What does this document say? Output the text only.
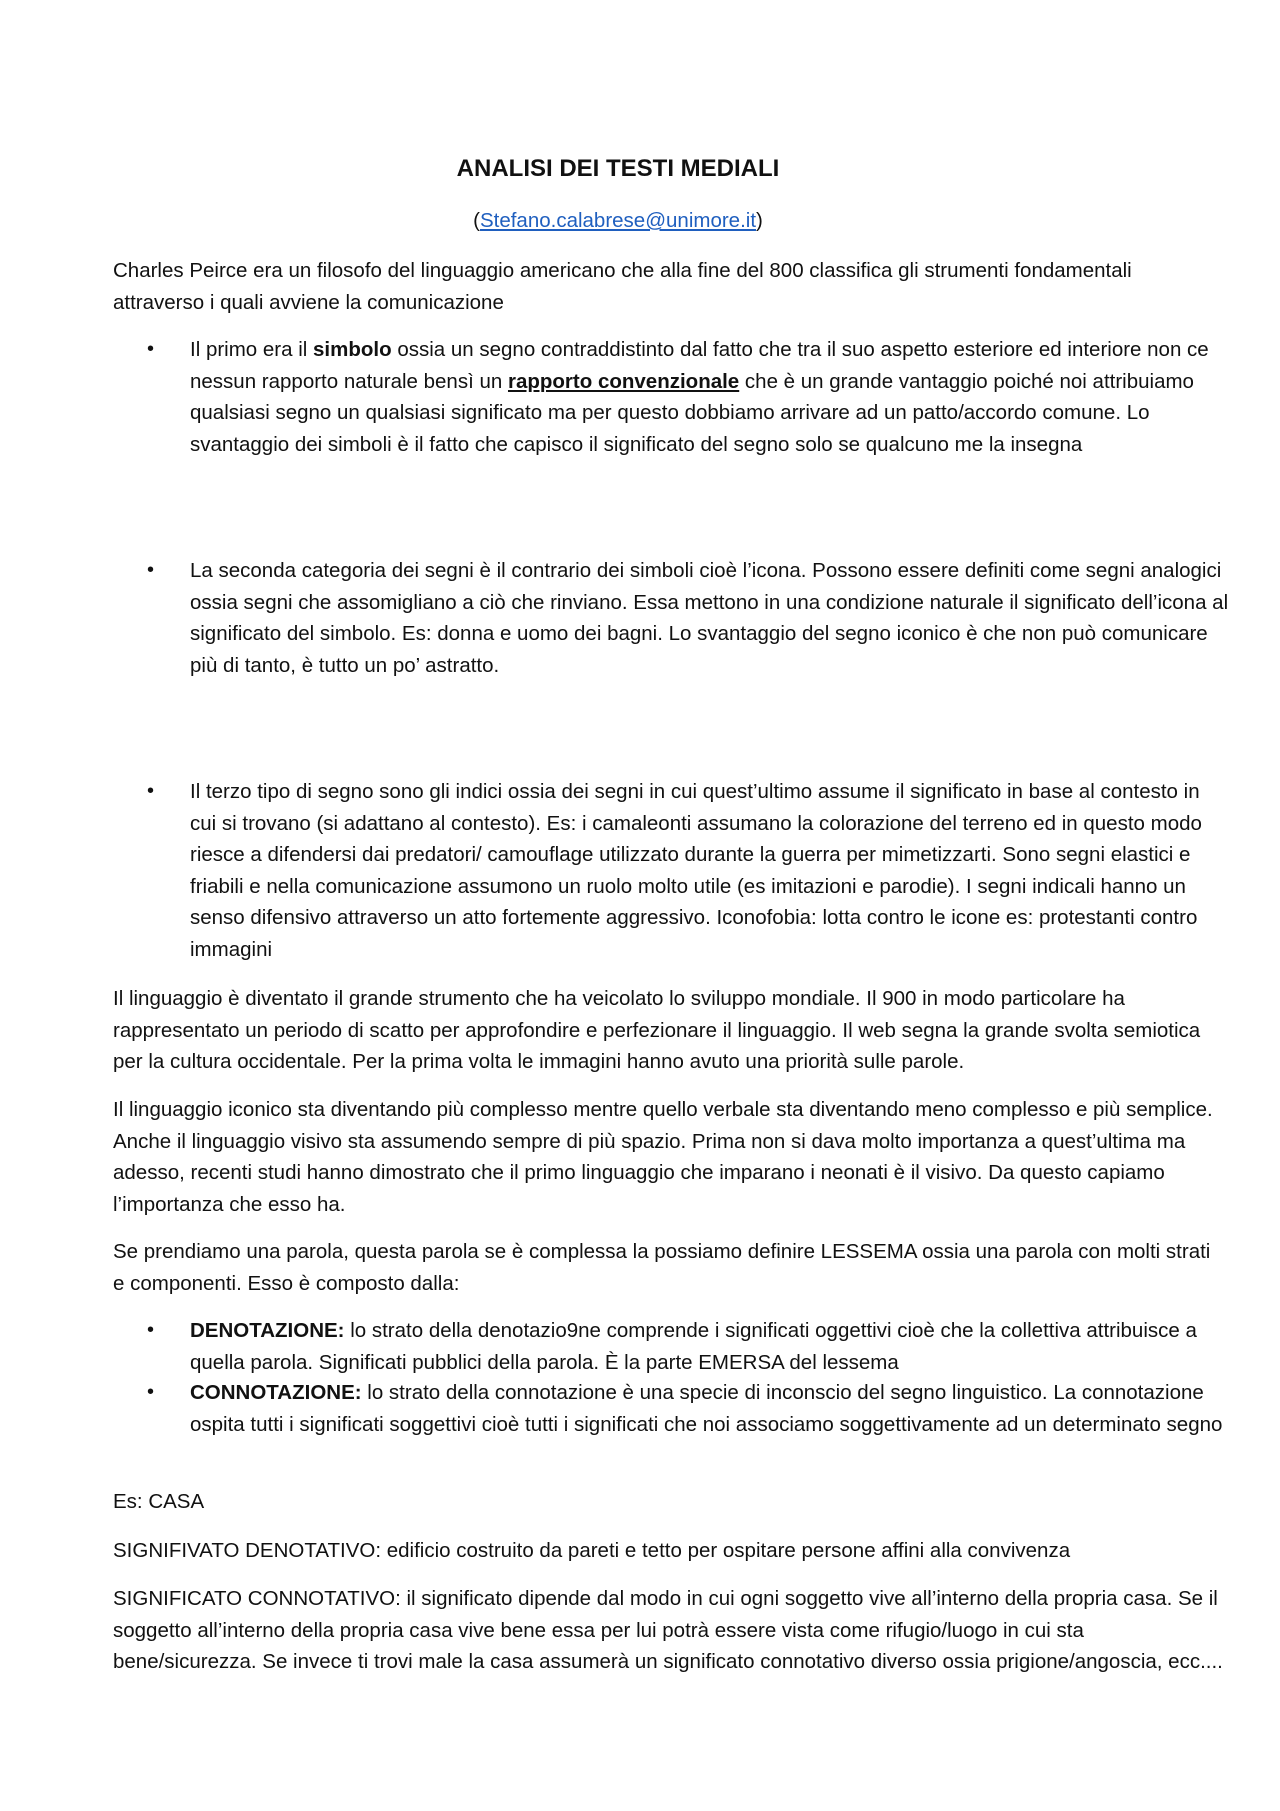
ANALISI DEI TESTI MEDIALI
(Stefano.calabrese@unimore.it)

Charles Peirce era un filosofo del linguaggio americano che alla fine del 800 classifica gli strumenti fondamentali attraverso i quali avviene la comunicazione

• Il primo era il simbolo ossia un segno contraddistinto dal fatto che tra il suo aspetto esteriore ed interiore non ce nessun rapporto naturale bensì un rapporto convenzionale che è un grande vantaggio poiché noi attribuiamo qualsiasi segno un qualsiasi significato ma per questo dobbiamo arrivare ad un patto/accordo comune. Lo svantaggio dei simboli è il fatto che capisco il significato del segno solo se qualcuno me la insegna
• La seconda categoria dei segni è il contrario dei simboli cioè l’icona. Possono essere definiti come segni analogici ossia segni che assomigliano a ciò che rinviano. Essa mettono in una condizione naturale il significato dell’icona al significato del simbolo. Es: donna e uomo dei bagni. Lo svantaggio del segno iconico è che non può comunicare più di tanto, è tutto un po’ astratto.
• Il terzo tipo di segno sono gli indici ossia dei segni in cui quest’ultimo assume il significato in base al contesto in cui si trovano (si adattano al contesto). Es: i camaleonti assumano la colorazione del terreno ed in questo modo riesce a difendersi dai predatori/ camouflage utilizzato durante la guerra per mimetizzarti. Sono segni elastici e friabili e nella comunicazione assumono un ruolo molto utile (es imitazioni e parodie). I segni indicali hanno un senso difensivo attraverso un atto fortemente aggressivo. Iconofobia: lotta contro le icone es: protestanti contro immagini

Il linguaggio è diventato il grande strumento che ha veicolato lo sviluppo mondiale. Il 900 in modo particolare ha rappresentato un periodo di scatto per approfondire e perfezionare il linguaggio. Il web segna la grande svolta semiotica per la cultura occidentale. Per la prima volta le immagini hanno avuto una priorità sulle parole.

Il linguaggio iconico sta diventando più complesso mentre quello verbale sta diventando meno complesso e più semplice. Anche il linguaggio visivo sta assumendo sempre di più spazio. Prima non si dava molto importanza a quest’ultima ma adesso, recenti studi hanno dimostrato che il primo linguaggio che imparano i neonati è il visivo. Da questo capiamo l’importanza che esso ha.

Se prendiamo una parola, questa parola se è complessa la possiamo definire LESSEMA ossia una parola con molti strati e componenti. Esso è composto dalla:

• DENOTAZIONE: lo strato della denotazio9ne comprende i significati oggettivi cioè che la collettiva attribuisce a quella parola. Significati pubblici della parola. È la parte EMERSA del lessema
• CONNOTAZIONE: lo strato della connotazione è una specie di inconscio del segno linguistico. La connotazione ospita tutti i significati soggettivi cioè tutti i significati che noi associamo soggettivamente ad un determinato segno

Es: CASA

SIGNIFIVATO DENOTATIVO: edificio costruito da pareti e tetto per ospitare persone affini alla convivenza

SIGNIFICATO CONNOTATIVO: il significato dipende dal modo in cui ogni soggetto vive all’interno della propria casa. Se il soggetto all’interno della propria casa vive bene essa per lui potrà essere vista come rifugio/luogo in cui sta bene/sicurezza. Se invece ti trovi male la casa assumerà un significato connotativo diverso ossia prigione/angoscia, ecc....
